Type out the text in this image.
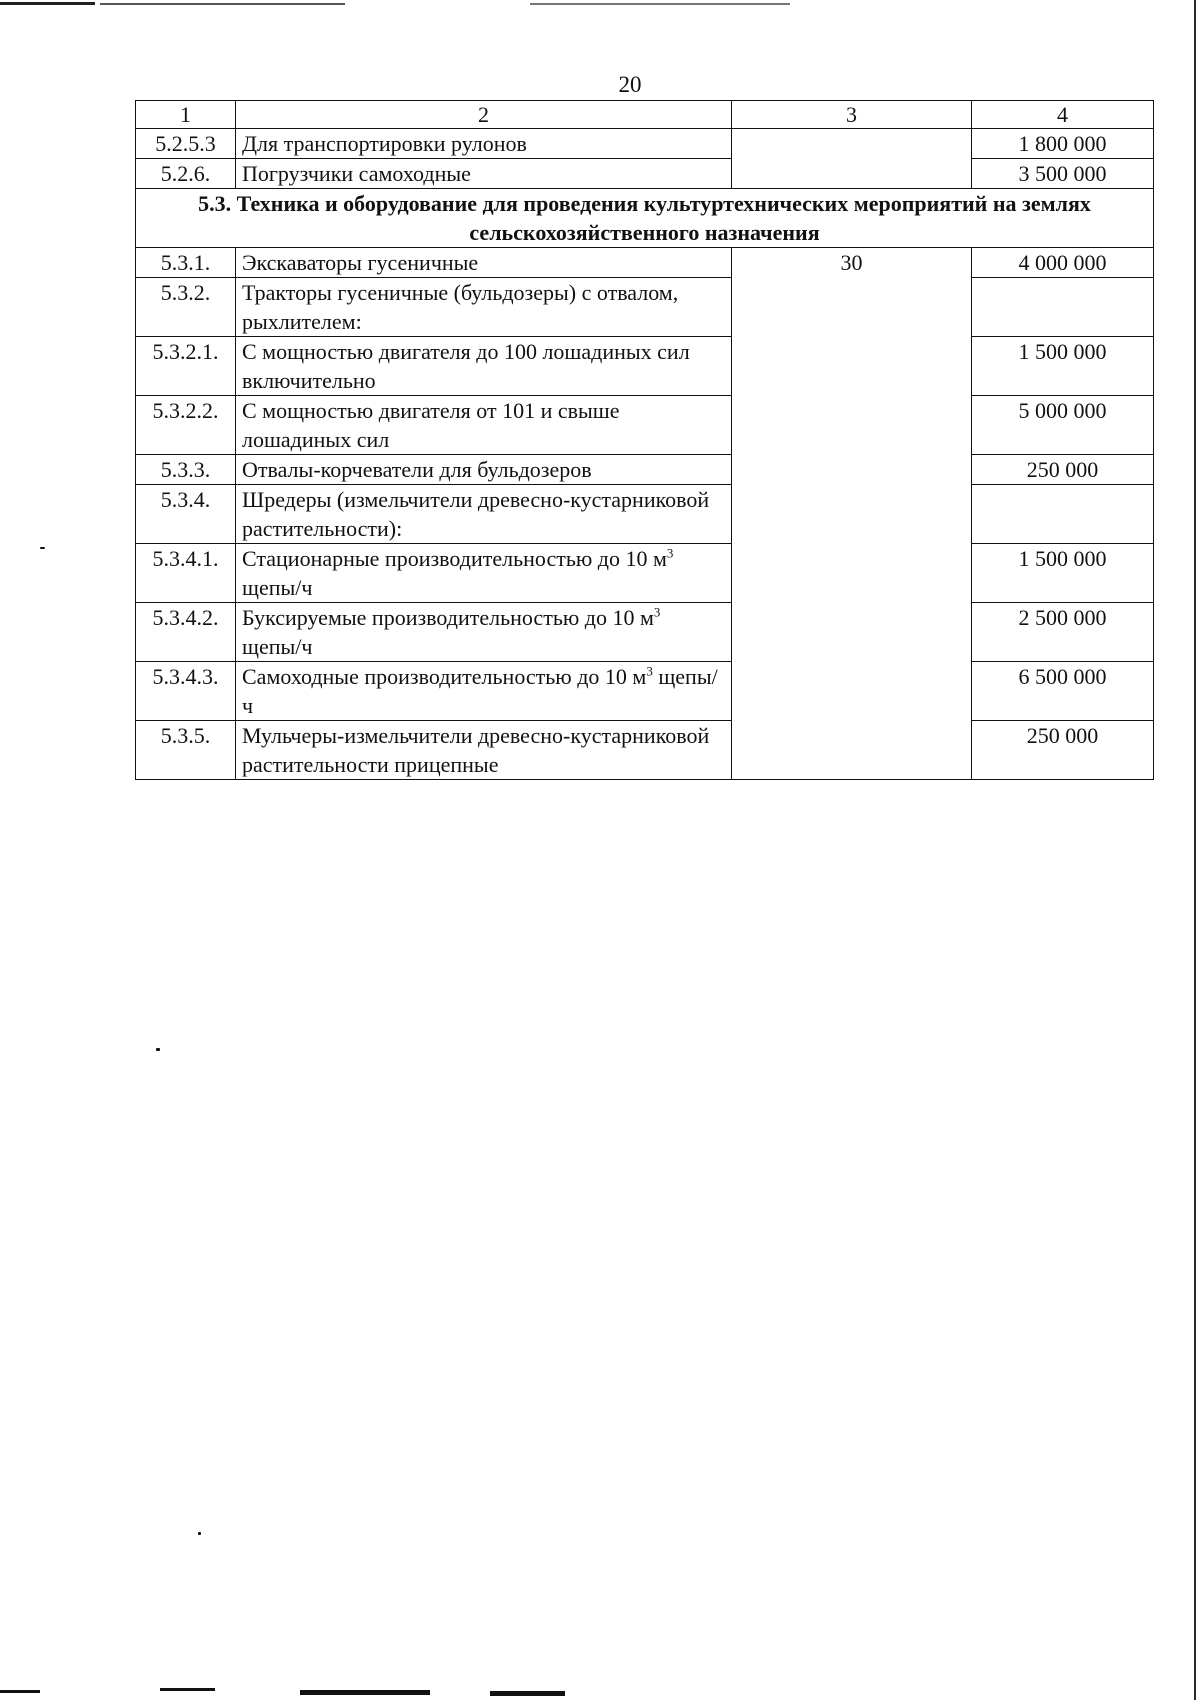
20
1	2	3	4
5.2.5.3	Для транспортировки рулонов		1 800 000
5.2.6.	Погрузчики самоходные		3 500 000
5.3. Техника и оборудование для проведения культуртехнических мероприятий на землях сельскохозяйственного назначения			
5.3.1.	Экскаваторы гусеничные	30	4 000 000
5.3.2.	Тракторы гусеничные (бульдозеры) с отвалом, рыхлителем:		
5.3.2.1.	С мощностью двигателя до 100 лошадиных сил включительно		1 500 000
5.3.2.2.	С мощностью двигателя от 101 и свыше лошадиных сил		5 000 000
5.3.3.	Отвалы-корчеватели для бульдозеров		250 000
5.3.4.	Шредеры (измельчители древесно-кустарниковой растительности):		
5.3.4.1.	Стационарные производительностью до 10 $м^3$ щепы/ч		1 500 000
5.3.4.2.	Буксируемые производительностью до 10 $м^3$ щепы/ч		2 500 000
5.3.4.3.	Самоходные производительностью до 10 $м^3$ щепы/ч		6 500 000
5.3.5.	Мульчеры-измельчители древесно-кустарниковой растительности прицепные		250 000
